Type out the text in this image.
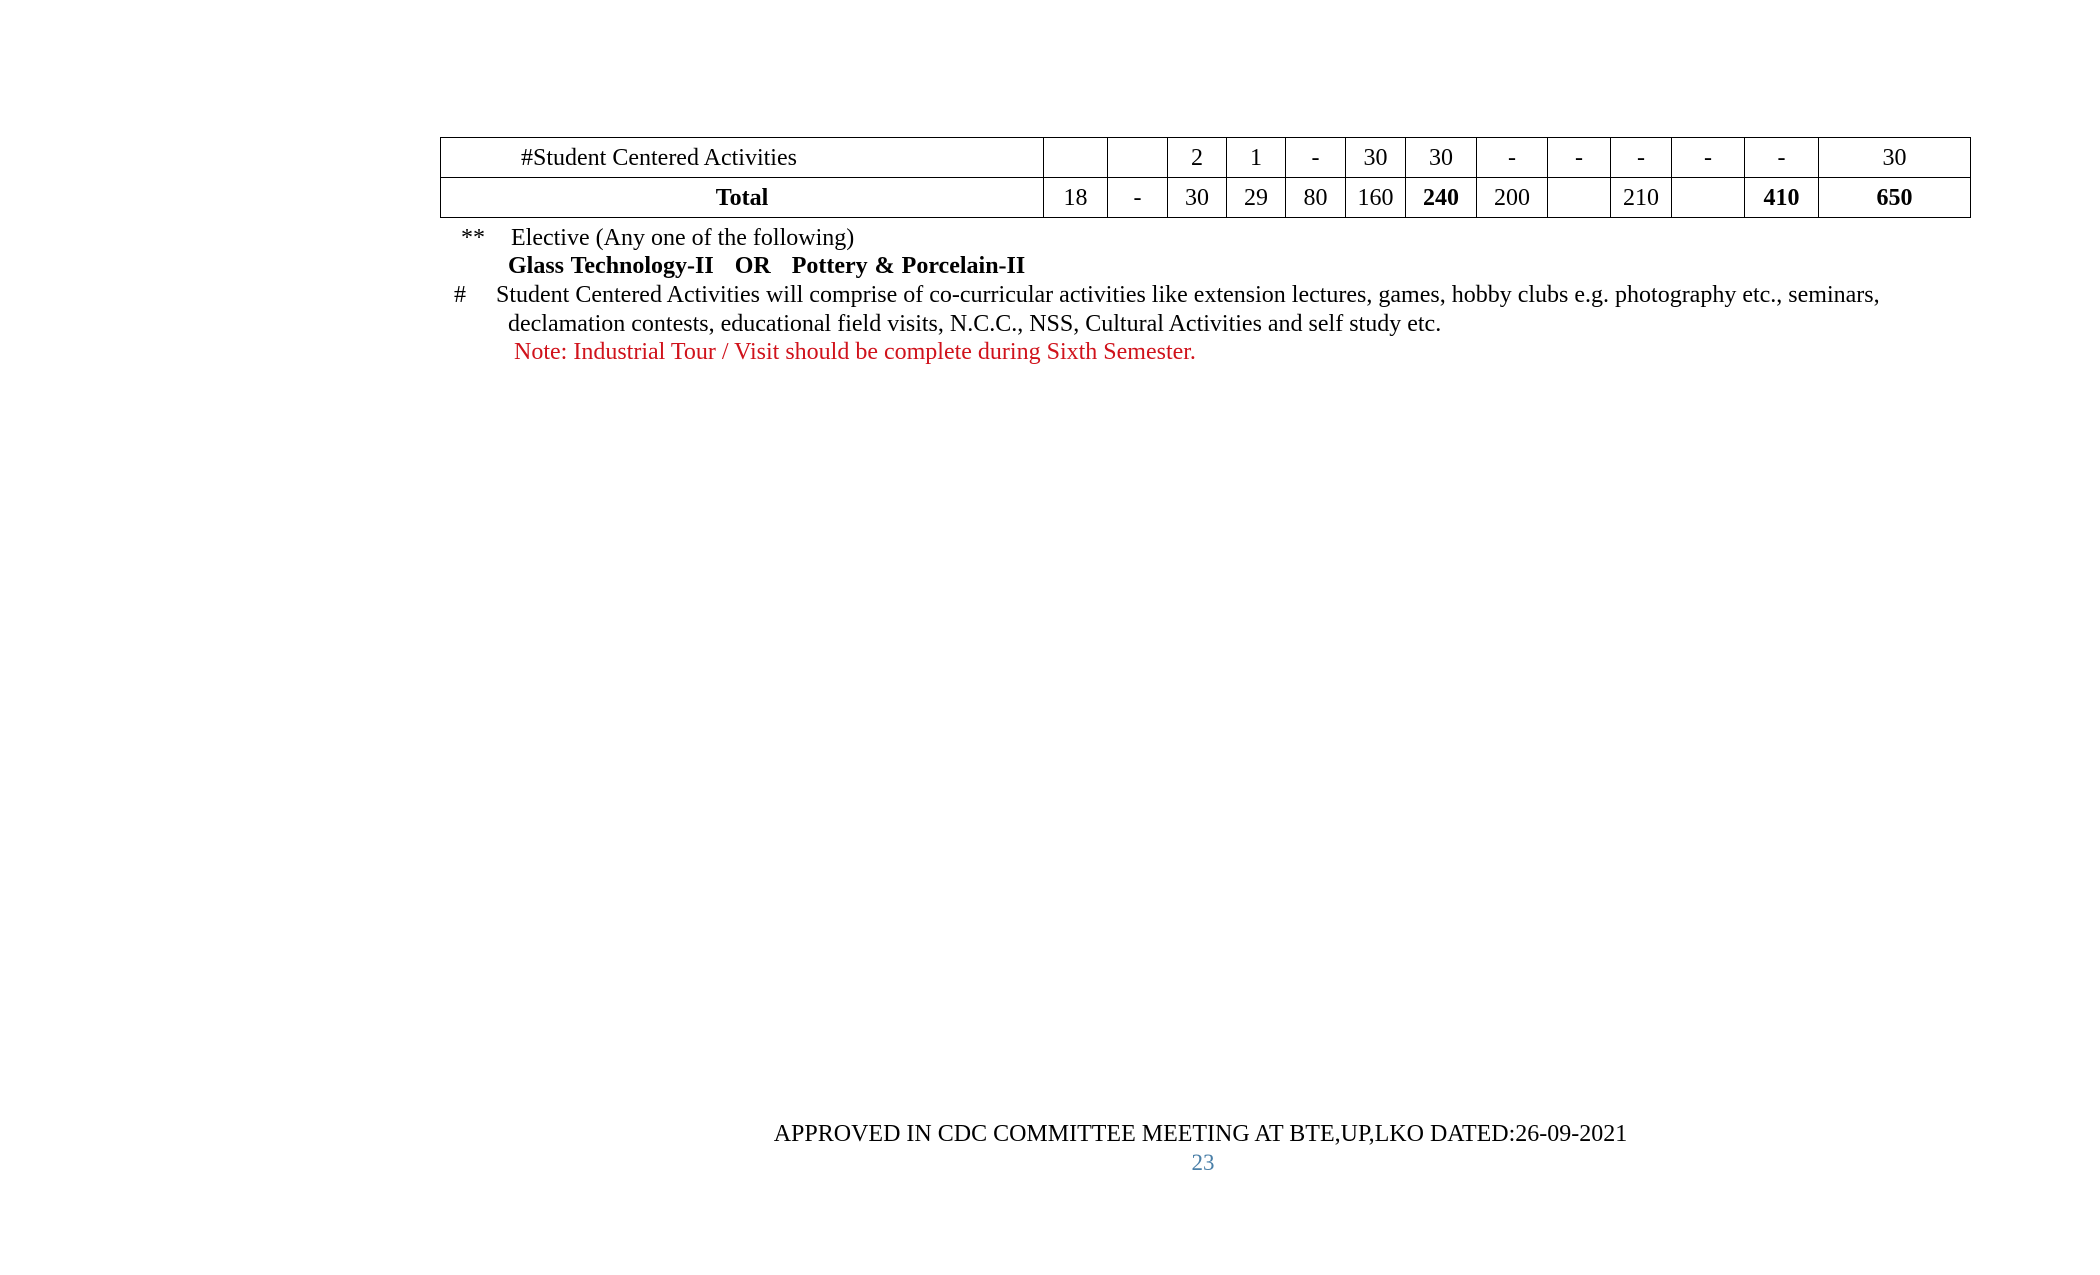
#Student Centered Activities			2	1	-	30	30	-	-	-	-	-	30
Total	18	-	30	29	80	160	240	200		210		410	650
** Elective (Any one of the following)
Glass Technology-II   OR   Pottery & Porcelain-II
# Student Centered Activities will comprise of co-curricular activities like extension lectures, games, hobby clubs e.g. photography etc., seminars,
declamation contests, educational field visits, N.C.C., NSS, Cultural Activities and self study etc.
Note: Industrial Tour / Visit should be complete during Sixth Semester.
APPROVED IN CDC COMMITTEE MEETING AT BTE,UP,LKO DATED:26-09-2021
23
